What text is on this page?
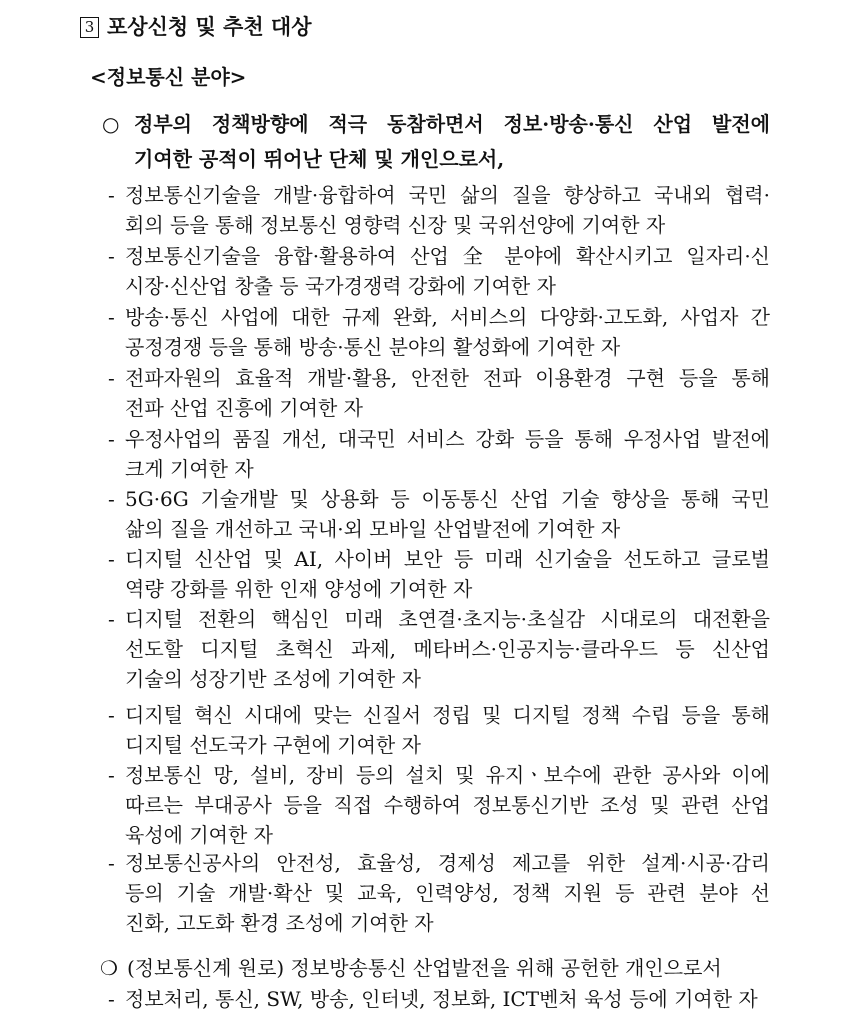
3 포상신청 및 추천 대상
<정보통신 분야>
○ 정부의 정책방향에 적극 동참하면서 정보·방송·통신 산업 발전에
기여한 공적이 뛰어난 단체 및 개인으로서,
- 정보통신기술을 개발·융합하여 국민 삶의 질을 향상하고 국내외 협력·
회의 등을 통해 정보통신 영향력 신장 및 국위선양에 기여한 자
- 정보통신기술을 융합·활용하여 산업 全 분야에 확산시키고 일자리·신
시장·신산업 창출 등 국가경쟁력 강화에 기여한 자
- 방송·통신 사업에 대한 규제 완화, 서비스의 다양화·고도화, 사업자 간
공정경쟁 등을 통해 방송·통신 분야의 활성화에 기여한 자
- 전파자원의 효율적 개발·활용, 안전한 전파 이용환경 구현 등을 통해
전파 산업 진흥에 기여한 자
- 우정사업의 품질 개선, 대국민 서비스 강화 등을 통해 우정사업 발전에
크게 기여한 자
- 5G·6G 기술개발 및 상용화 등 이동통신 산업 기술 향상을 통해 국민
삶의 질을 개선하고 국내·외 모바일 산업발전에 기여한 자
- 디지털 신산업 및 AI, 사이버 보안 등 미래 신기술을 선도하고 글로벌
역량 강화를 위한 인재 양성에 기여한 자
- 디지털 전환의 핵심인 미래 초연결·초지능·초실감 시대로의 대전환을
선도할 디지털 초혁신 과제, 메타버스·인공지능·클라우드 등 신산업
기술의 성장기반 조성에 기여한 자
- 디지털 혁신 시대에 맞는 신질서 정립 및 디지털 정책 수립 등을 통해
디지털 선도국가 구현에 기여한 자
- 정보통신 망, 설비, 장비 등의 설치 및 유지ㆍ보수에 관한 공사와 이에
따르는 부대공사 등을 직접 수행하여 정보통신기반 조성 및 관련 산업
육성에 기여한 자
- 정보통신공사의 안전성, 효율성, 경제성 제고를 위한 설계·시공·감리
등의 기술 개발·확산 및 교육, 인력양성, 정책 지원 등 관련 분야 선
진화, 고도화 환경 조성에 기여한 자
❍ (정보통신계 원로) 정보방송통신 산업발전을 위해 공헌한 개인으로서
- 정보처리, 통신, SW, 방송, 인터넷, 정보화, ICT벤처 육성 등에 기여한 자
